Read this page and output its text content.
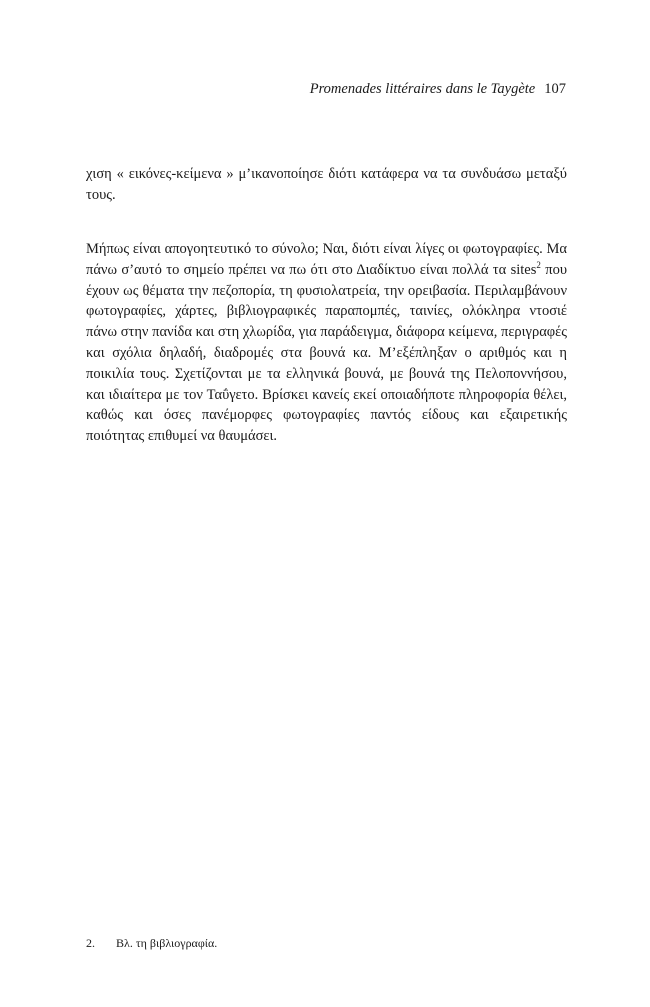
Promenades littéraires dans le Taygète 107

χιση « εικόνες-κείμενα » μ’ικανοποίησε διότι κατάφερα να τα συνδυάσω μεταξύ τους.

Μήπως είναι απογοητευτικό το σύνολο; Ναι, διότι είναι λίγες οι φωτογραφίες. Μα πάνω σ’αυτό το σημείο πρέπει να πω ότι στο Διαδίκτυο είναι πολλά τα sites$^2$ που έχουν ως θέματα την πεζοπορία, τη φυσιολατρεία, την ορειβασία. Περιλαμβάνουν φωτογραφίες, χάρτες, βιβλιογραφικές παραπομπές, ταινίες, ολόκληρα ντοσιέ πάνω στην πανίδα και στη χλωρίδα, για παράδειγμα, διάφορα κείμενα, περιγραφές και σχόλια δηλαδή, διαδρομές στα βουνά κα. Μ’εξέπληξαν ο αριθμός και η ποικιλία τους. Σχετίζονται με τα ελληνικά βουνά, με βουνά της Πελοποννήσου, και ιδιαίτερα με τον Ταΰγετο. Βρίσκει κανείς εκεί οποιαδήποτε πληροφορία θέλει, καθώς και όσες πανέμορφες φωτογραφίες παντός είδους και εξαιρετικής ποιότητας επιθυμεί να θαυμάσει.

2. Βλ. τη βιβλιογραφία.
